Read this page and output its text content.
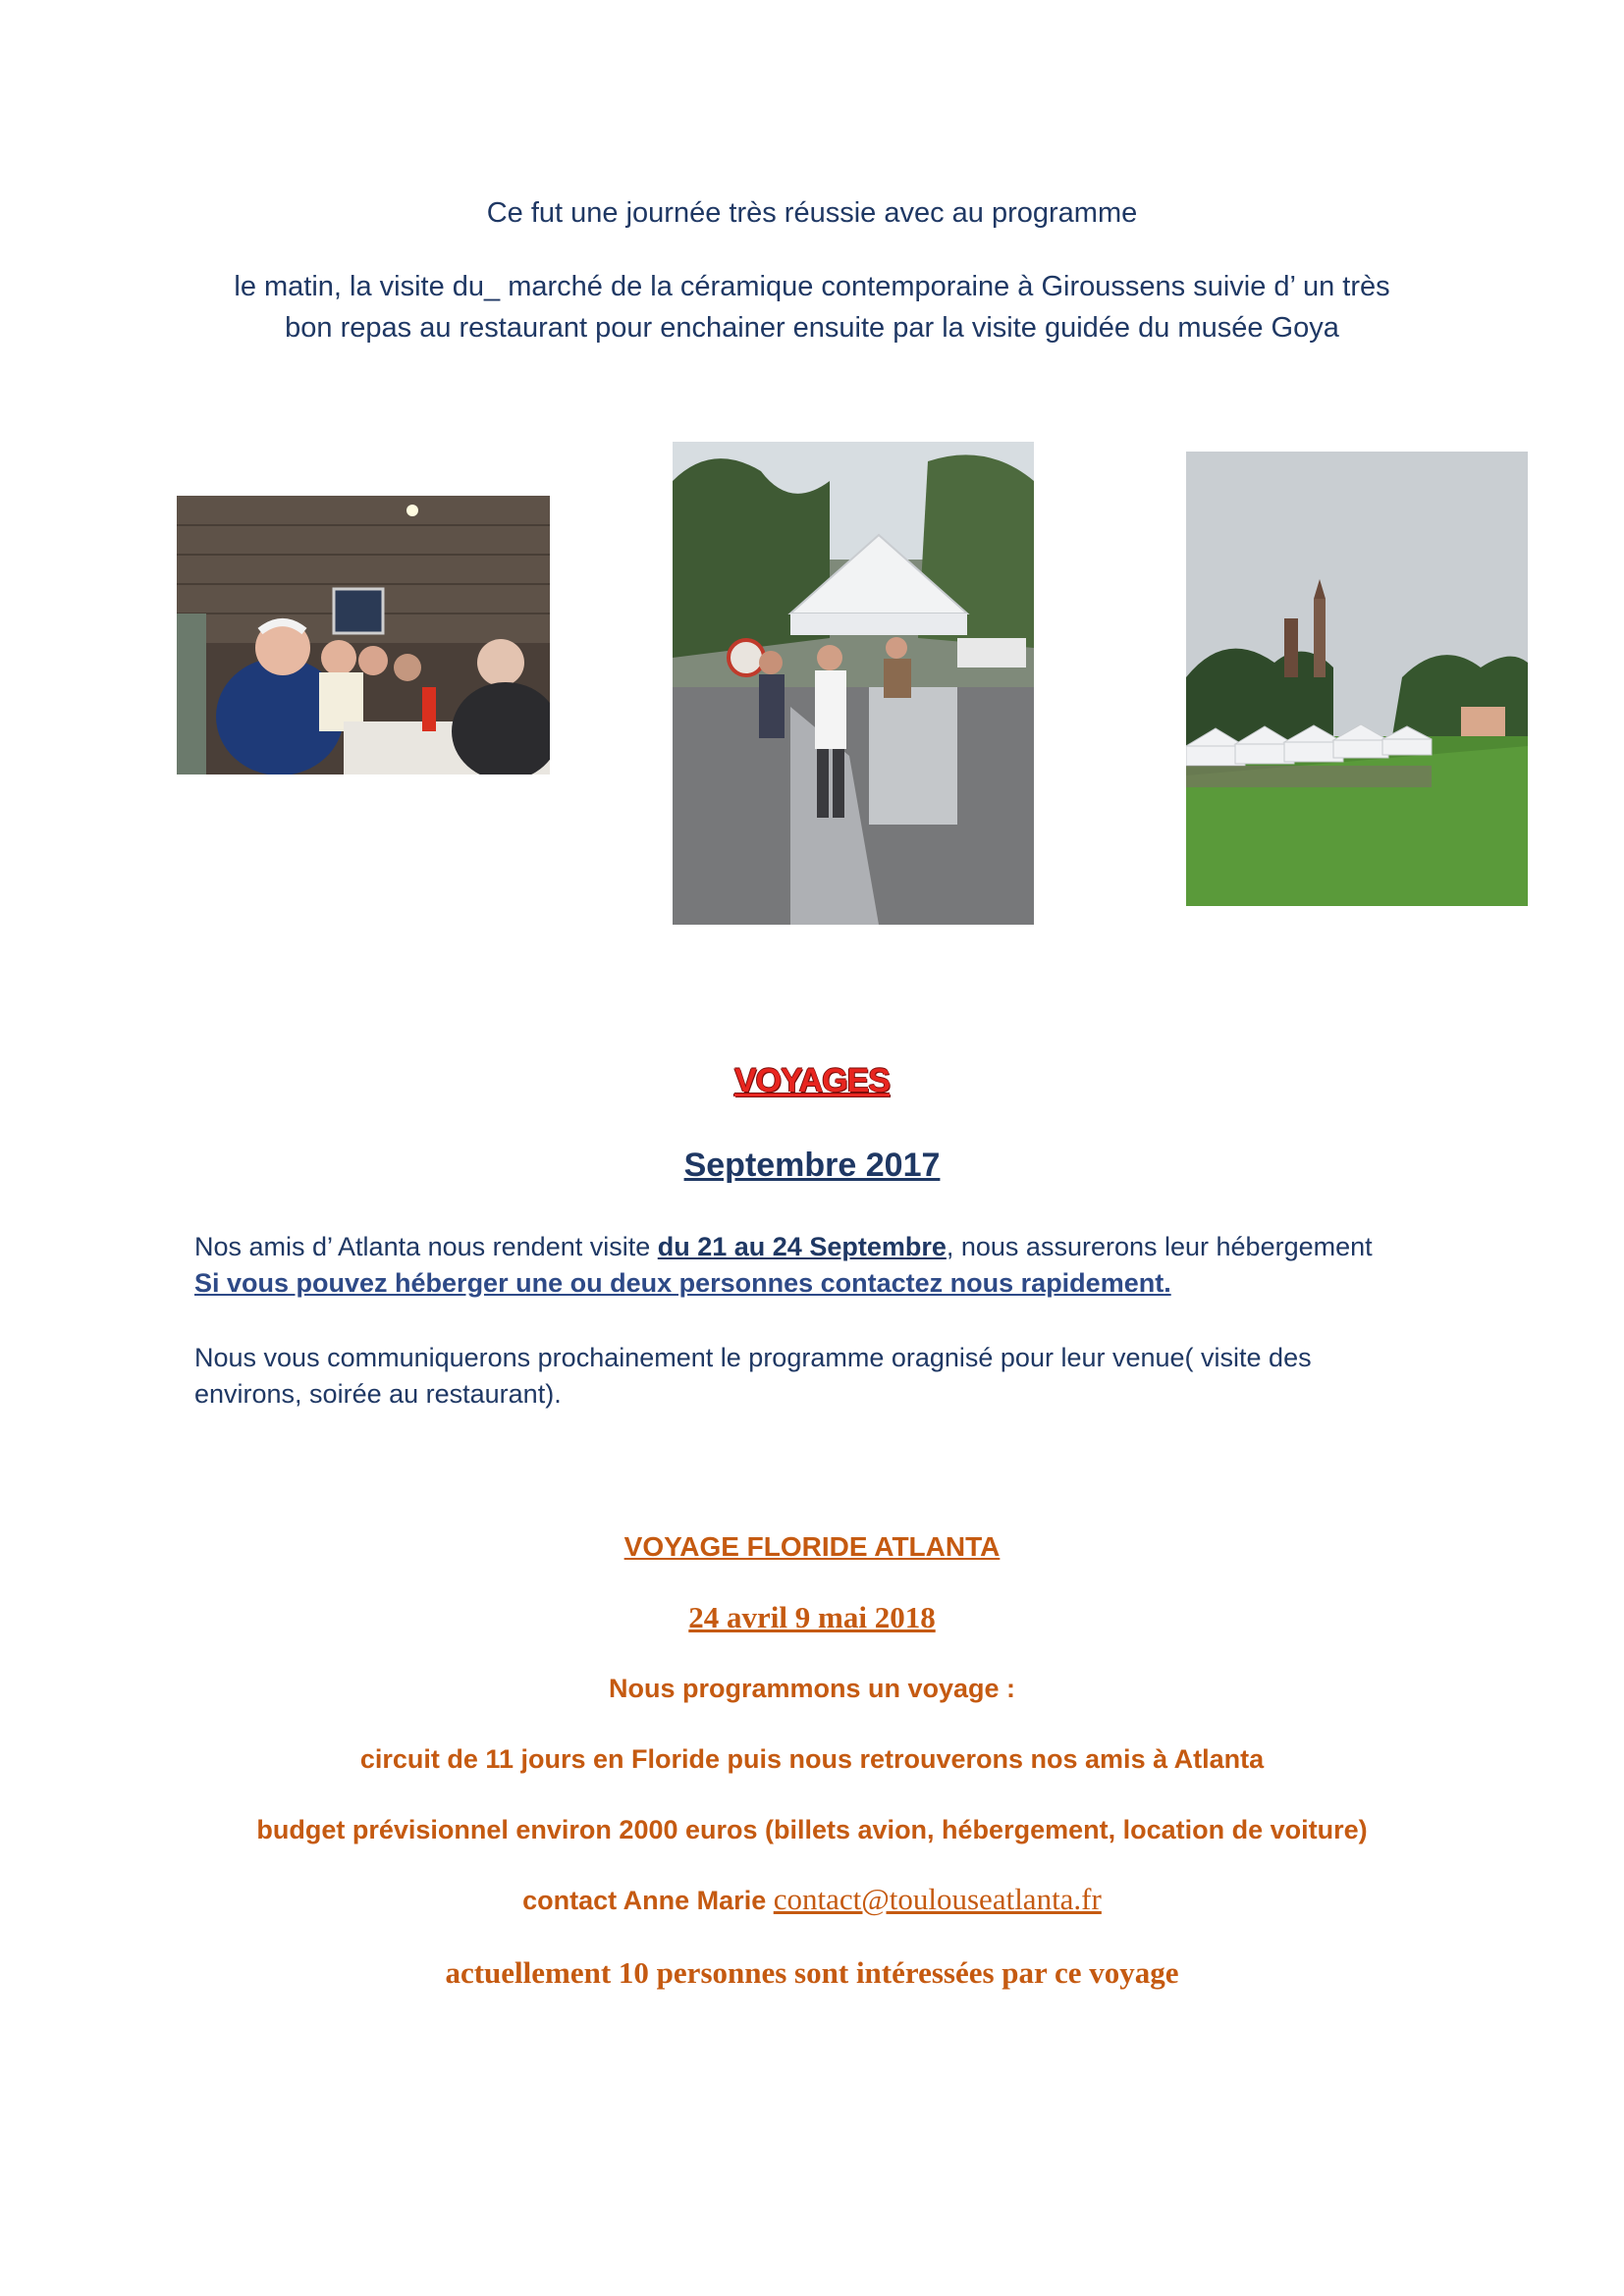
Ce fut une journée très réussie avec au programme
le matin, la visite du_ marché de la céramique contemporaine à Giroussens suivie d’ un très
bon repas au restaurant pour enchainer ensuite par la visite guidée du musée Goya
VOYAGES
Septembre 2017
Nos amis d’ Atlanta nous rendent visite du 21 au 24 Septembre, nous assurerons leur hébergement
Si vous pouvez héberger une ou deux personnes contactez nous rapidement.
Nous vous communiquerons prochainement le programme oragnisé pour leur venue( visite des environs, soirée au restaurant).
VOYAGE FLORIDE ATLANTA
24 avril 9 mai 2018
Nous programmons un voyage :
circuit de 11 jours en Floride puis nous retrouverons nos amis à Atlanta
budget prévisionnel environ 2000 euros (billets avion, hébergement, location de voiture)
contact Anne Marie contact@toulouseatlanta.fr
actuellement 10 personnes sont intéressées par ce voyage
